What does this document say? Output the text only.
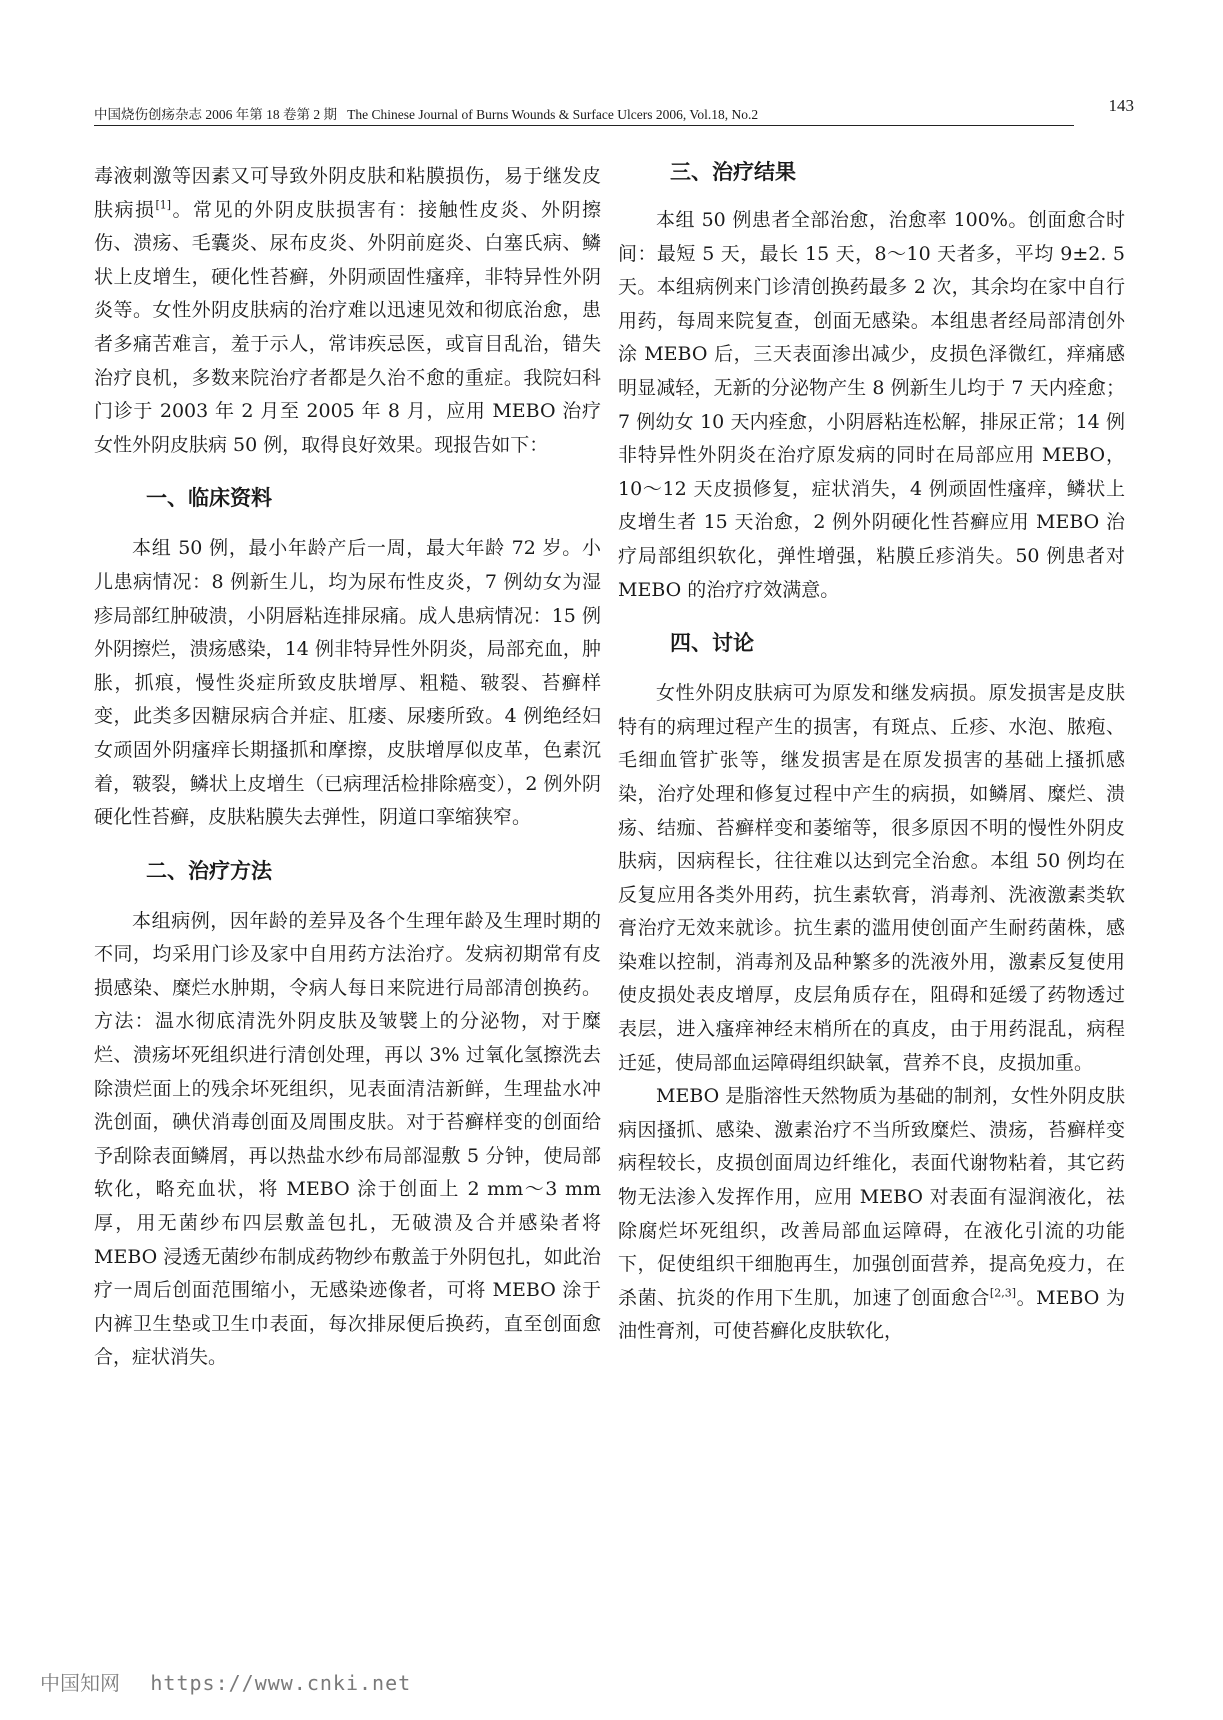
中国烧伤创疡杂志 2006 年第 18 卷第 2 期 The Chinese Journal of Burns Wounds & Surface Ulcers 2006, Vol.18, No.2	143

毒液刺激等因素又可导致外阴皮肤和粘膜损伤，易于继发皮肤病损[1]。常见的外阴皮肤损害有：接触性皮炎、外阴擦伤、溃疡、毛囊炎、尿布皮炎、外阴前庭炎、白塞氏病、鳞状上皮增生，硬化性苔癣，外阴顽固性瘙痒，非特异性外阴炎等。女性外阴皮肤病的治疗难以迅速见效和彻底治愈，患者多痛苦难言，羞于示人，常讳疾忌医，或盲目乱治，错失治疗良机，多数来院治疗者都是久治不愈的重症。我院妇科门诊于 2003 年 2 月至 2005 年 8 月，应用 MEBO 治疗女性外阴皮肤病 50 例，取得良好效果。现报告如下：

一、临床资料

本组 50 例，最小年龄产后一周，最大年龄 72 岁。小儿患病情况：8 例新生儿，均为尿布性皮炎，7 例幼女为湿疹局部红肿破溃，小阴唇粘连排尿痛。成人患病情况：15 例外阴擦烂，溃疡感染，14 例非特异性外阴炎，局部充血，肿胀，抓痕，慢性炎症所致皮肤增厚、粗糙、皲裂、苔癣样变，此类多因糖尿病合并症、肛瘘、尿瘘所致。4 例绝经妇女顽固外阴瘙痒长期搔抓和摩擦，皮肤增厚似皮革，色素沉着，皲裂，鳞状上皮增生（已病理活检排除癌变），2 例外阴硬化性苔癣，皮肤粘膜失去弹性，阴道口挛缩狭窄。

二、治疗方法

本组病例，因年龄的差异及各个生理年龄及生理时期的不同，均采用门诊及家中自用药方法治疗。发病初期常有皮损感染、糜烂水肿期，令病人每日来院进行局部清创换药。方法：温水彻底清洗外阴皮肤及皱襞上的分泌物，对于糜烂、溃疡坏死组织进行清创处理，再以 3% 过氧化氢擦洗去除溃烂面上的残余坏死组织，见表面清洁新鲜，生理盐水冲洗创面，碘伏消毒创面及周围皮肤。对于苔癣样变的创面给予刮除表面鳞屑，再以热盐水纱布局部湿敷 5 分钟，使局部软化，略充血状，将 MEBO 涂于创面上 2 mm～3 mm厚，用无菌纱布四层敷盖包扎，无破溃及合并感染者将 MEBO 浸透无菌纱布制成药物纱布敷盖于外阴包扎，如此治疗一周后创面范围缩小，无感染迹像者，可将 MEBO 涂于内裤卫生垫或卫生巾表面，每次排尿便后换药，直至创面愈合，症状消失。

三、治疗结果

本组 50 例患者全部治愈，治愈率 100%。创面愈合时间：最短 5 天，最长 15 天，8～10 天者多，平均 9±2. 5 天。本组病例来门诊清创换药最多 2 次，其余均在家中自行用药，每周来院复查，创面无感染。本组患者经局部清创外涂 MEBO 后，三天表面渗出减少，皮损色泽微红，痒痛感明显减轻，无新的分泌物产生 8 例新生儿均于 7 天内痊愈；7 例幼女 10 天内痊愈，小阴唇粘连松解，排尿正常；14 例非特异性外阴炎在治疗原发病的同时在局部应用 MEBO，10～12 天皮损修复，症状消失，4 例顽固性瘙痒，鳞状上皮增生者 15 天治愈，2 例外阴硬化性苔癣应用 MEBO 治疗局部组织软化，弹性增强，粘膜丘疹消失。50 例患者对 MEBO 的治疗疗效满意。

四、讨论

女性外阴皮肤病可为原发和继发病损。原发损害是皮肤特有的病理过程产生的损害，有斑点、丘疹、水泡、脓疱、毛细血管扩张等，继发损害是在原发损害的基础上搔抓感染，治疗处理和修复过程中产生的病损，如鳞屑、糜烂、溃疡、结痂、苔癣样变和萎缩等，很多原因不明的慢性外阴皮肤病，因病程长，往往难以达到完全治愈。本组 50 例均在反复应用各类外用药，抗生素软膏，消毒剂、洗液激素类软膏治疗无效来就诊。抗生素的滥用使创面产生耐药菌株，感染难以控制，消毒剂及品种繁多的洗液外用，激素反复使用使皮损处表皮增厚，皮层角质存在，阻碍和延缓了药物透过表层，进入瘙痒神经末梢所在的真皮，由于用药混乱，病程迁延，使局部血运障碍组织缺氧，营养不良，皮损加重。

MEBO 是脂溶性天然物质为基础的制剂，女性外阴皮肤病因搔抓、感染、激素治疗不当所致糜烂、溃疡，苔癣样变病程较长，皮损创面周边纤维化，表面代谢物粘着，其它药物无法渗入发挥作用，应用 MEBO 对表面有湿润液化，祛除腐烂坏死组织，改善局部血运障碍，在液化引流的功能下，促使组织干细胞再生，加强创面营养，提高免疫力，在杀菌、抗炎的作用下生肌，加速了创面愈合[2,3]。MEBO 为油性膏剂，可使苔癣化皮肤软化，

中国知网 https://www.cnki.net
